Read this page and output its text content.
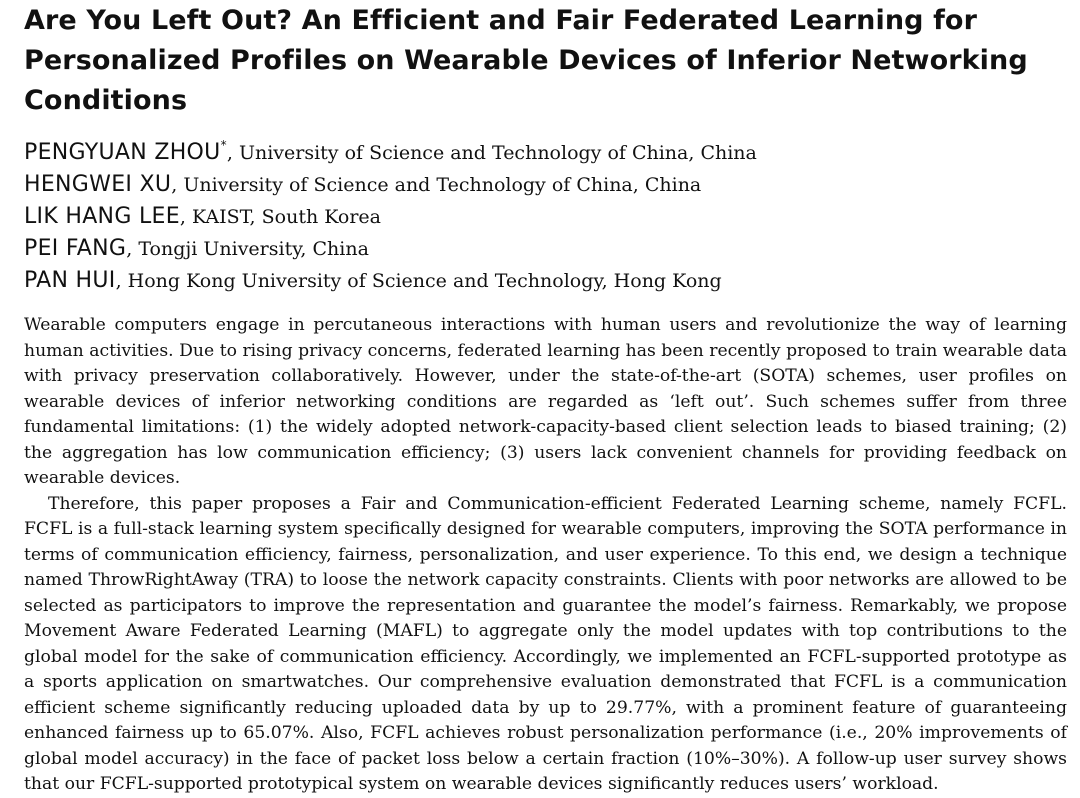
Are You Left Out? An Efficient and Fair Federated Learning for Personalized Profiles on Wearable Devices of Inferior Networking Conditions
PENGYUAN ZHOU*, University of Science and Technology of China, China
HENGWEI XU, University of Science and Technology of China, China
LIK HANG LEE, KAIST, South Korea
PEI FANG, Tongji University, China
PAN HUI, Hong Kong University of Science and Technology, Hong Kong

Wearable computers engage in percutaneous interactions with human users and revolutionize the way of learning human activities. Due to rising privacy concerns, federated learning has been recently proposed to train wearable data with privacy preservation collaboratively. However, under the state-of-the-art (SOTA) schemes, user profiles on wearable devices of inferior networking conditions are regarded as ‘left out’. Such schemes suffer from three fundamental limitations: (1) the widely adopted network-capacity-based client selection leads to biased training; (2) the aggregation has low communication efficiency; (3) users lack convenient channels for providing feedback on wearable devices.

Therefore, this paper proposes a Fair and Communication-efficient Federated Learning scheme, namely FCFL. FCFL is a full-stack learning system specifically designed for wearable computers, improving the SOTA performance in terms of communication efficiency, fairness, personalization, and user experience. To this end, we design a technique named ThrowRightAway (TRA) to loose the network capacity constraints. Clients with poor networks are allowed to be selected as participators to improve the representation and guarantee the model’s fairness. Remarkably, we propose Movement Aware Federated Learning (MAFL) to aggregate only the model updates with top contributions to the global model for the sake of communication efficiency. Accordingly, we implemented an FCFL-supported prototype as a sports application on smartwatches. Our comprehensive evaluation demonstrated that FCFL is a communication efficient scheme significantly reducing uploaded data by up to 29.77%, with a prominent feature of guaranteeing enhanced fairness up to 65.07%. Also, FCFL achieves robust personalization performance (i.e., 20% improvements of global model accuracy) in the face of packet loss below a certain fraction (10%–30%). A follow-up user survey shows that our FCFL-supported prototypical system on wearable devices significantly reduces users’ workload.
